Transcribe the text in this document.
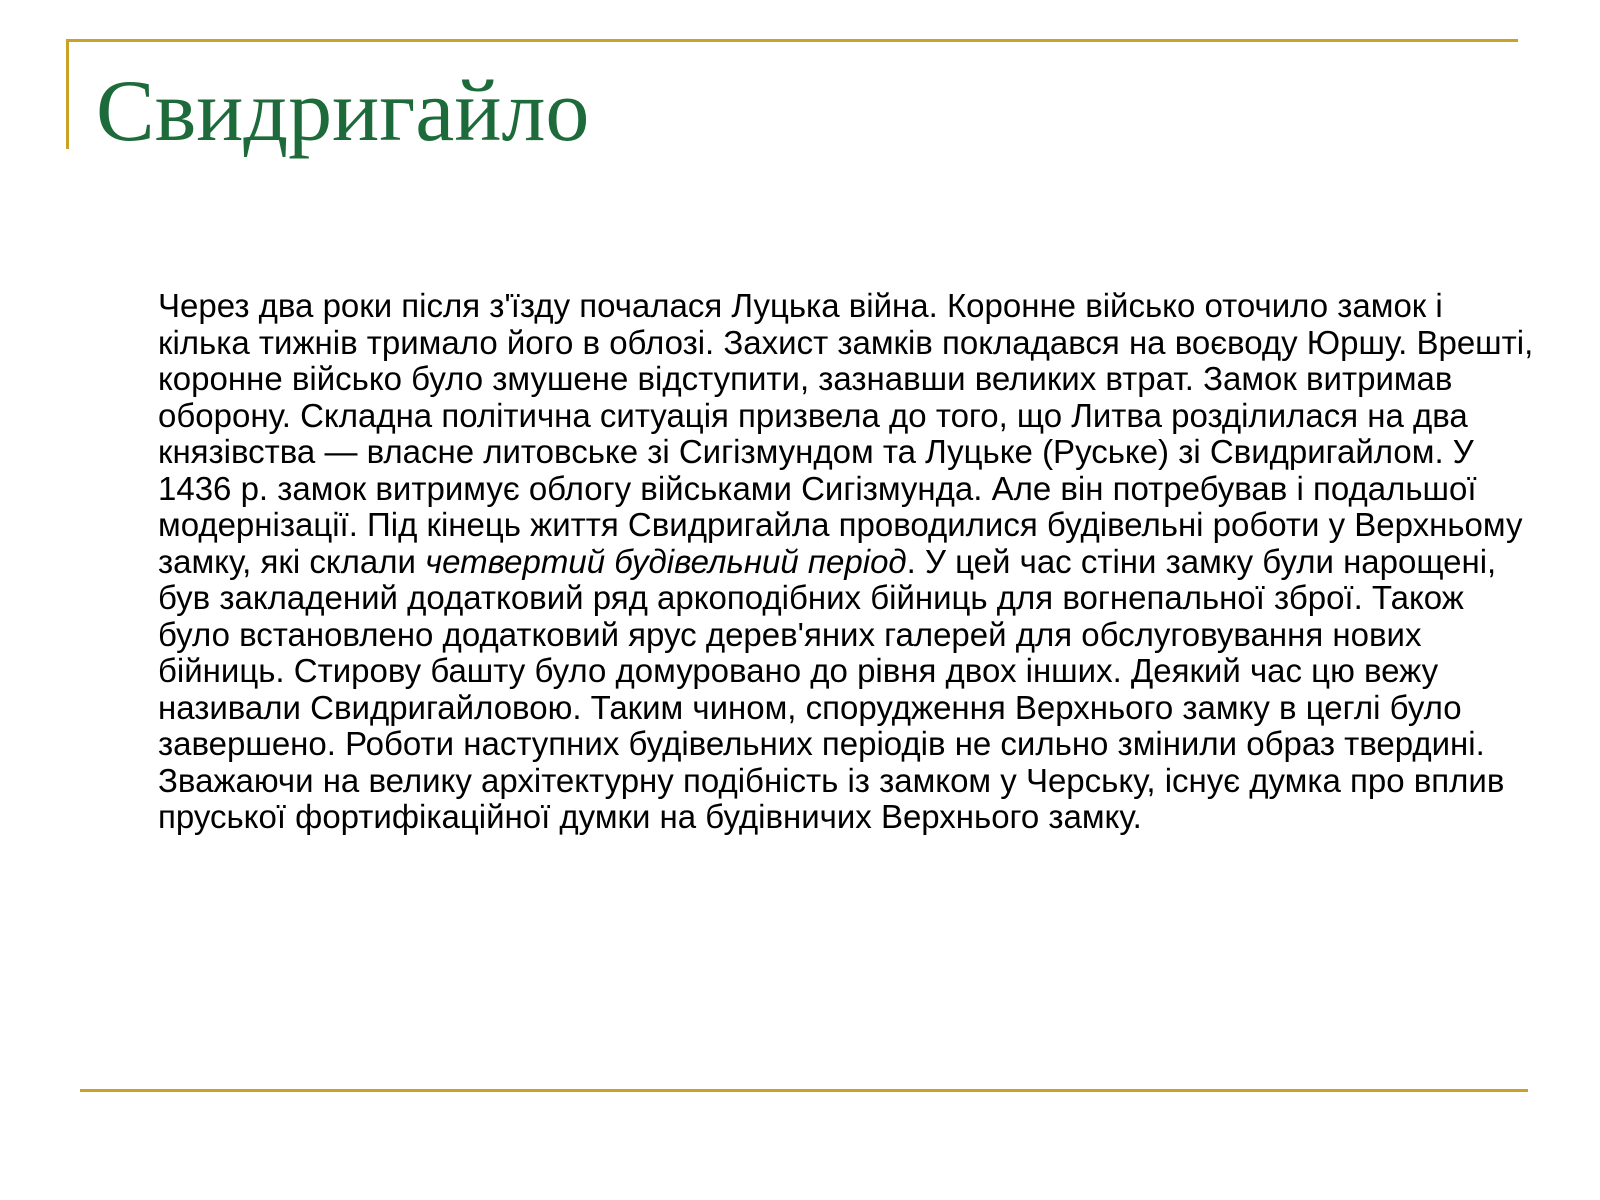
Свидригайло

Через два роки після з'їзду почалася Луцька війна. Коронне військо оточило замок і кілька тижнів тримало його в облозі. Захист замків покладався на воєводу Юршу. Врешті, коронне військо було змушене відступити, зазнавши великих втрат. Замок витримав оборону. Складна політична ситуація призвела до того, що Литва розділилася на два князівства — власне литовське зі Сигізмундом та Луцьке (Руське) зі Свидригайлом. У 1436 р. замок витримує облогу військами Сигізмунда. Але він потребував і подальшої модернізації. Під кінець життя Свидригайла проводилися будівельні роботи у Верхньому замку, які склали четвертий будівельний період. У цей час стіни замку були нарощені, був закладений додатковий ряд аркоподібних бійниць для вогнепальної зброї. Також було встановлено додатковий ярус дерев'яних галерей для обслуговування нових бійниць. Стирову башту було домуровано до рівня двох інших. Деякий час цю вежу називали Свидригайловою. Таким чином, спорудження Верхнього замку в цеглі було завершено. Роботи наступних будівельних періодів не сильно змінили образ твердині. Зважаючи на велику архітектурну подібність із замком у Черську, існує думка про вплив пруської фортифікаційної думки на будівничих Верхнього замку.
